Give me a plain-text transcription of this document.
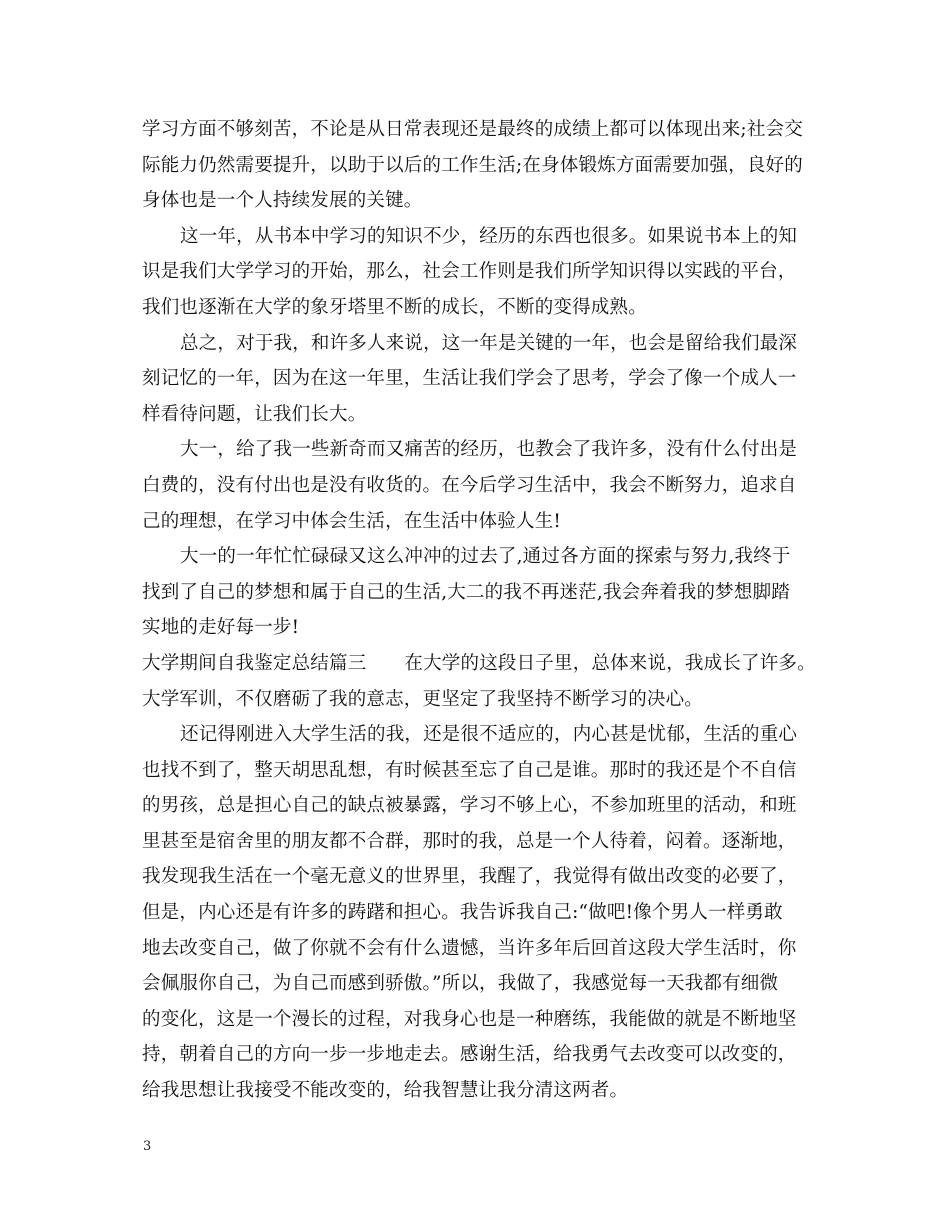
学习方面不够刻苦，不论是从日常表现还是最终的成绩上都可以体现出来;社会交
际能力仍然需要提升，以助于以后的工作生活;在身体锻炼方面需要加强，良好的
身体也是一个人持续发展的关键。
这一年，从书本中学习的知识不少，经历的东西也很多。如果说书本上的知
识是我们大学学习的开始，那么，社会工作则是我们所学知识得以实践的平台，
我们也逐渐在大学的象牙塔里不断的成长，不断的变得成熟。
总之，对于我，和许多人来说，这一年是关键的一年，也会是留给我们最深
刻记忆的一年，因为在这一年里，生活让我们学会了思考，学会了像一个成人一
样看待问题，让我们长大。
大一，给了我一些新奇而又痛苦的经历，也教会了我许多，没有什么付出是
白费的，没有付出也是没有收货的。在今后学习生活中，我会不断努力，追求自
己的理想，在学习中体会生活，在生活中体验人生!
大一的一年忙忙碌碌又这么冲冲的过去了,通过各方面的探索与努力,我终于
找到了自己的梦想和属于自己的生活,大二的我不再迷茫,我会奔着我的梦想脚踏
实地的走好每一步!
大学期间自我鉴定总结篇三 在大学的这段日子里，总体来说，我成长了许多。
大学军训，不仅磨砺了我的意志，更坚定了我坚持不断学习的决心。
还记得刚进入大学生活的我，还是很不适应的，内心甚是忧郁，生活的重心
也找不到了，整天胡思乱想，有时候甚至忘了自己是谁。那时的我还是个不自信
的男孩，总是担心自己的缺点被暴露，学习不够上心，不参加班里的活动，和班
里甚至是宿舍里的朋友都不合群，那时的我，总是一个人待着，闷着。逐渐地，
我发现我生活在一个毫无意义的世界里，我醒了，我觉得有做出改变的必要了，
但是，内心还是有许多的踌躇和担心。我告诉我自己:“做吧!像个男人一样勇敢
地去改变自己，做了你就不会有什么遗憾，当许多年后回首这段大学生活时，你
会佩服你自己，为自己而感到骄傲。”所以，我做了，我感觉每一天我都有细微
的变化，这是一个漫长的过程，对我身心也是一种磨练，我能做的就是不断地坚
持，朝着自己的方向一步一步地走去。感谢生活，给我勇气去改变可以改变的，
给我思想让我接受不能改变的，给我智慧让我分清这两者。
3
